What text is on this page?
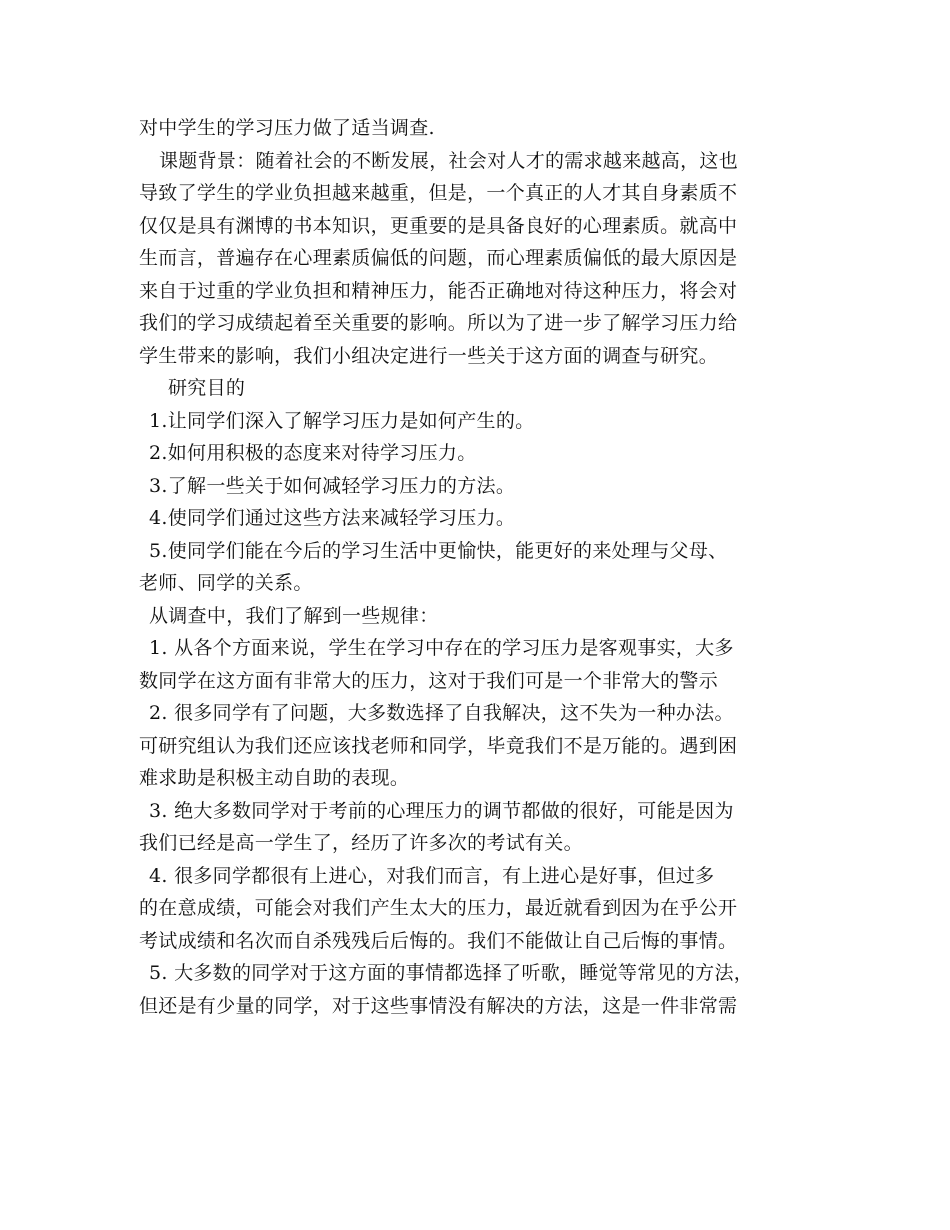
对中学生的学习压力做了适当调查.
课题背景：随着社会的不断发展，社会对人才的需求越来越高，这也
导致了学生的学业负担越来越重，但是，一个真正的人才其自身素质不
仅仅是具有渊博的书本知识，更重要的是具备良好的心理素质。就高中
生而言，普遍存在心理素质偏低的问题，而心理素质偏低的最大原因是
来自于过重的学业负担和精神压力，能否正确地对待这种压力，将会对
我们的学习成绩起着至关重要的影响。所以为了进一步了解学习压力给
学生带来的影响，我们小组决定进行一些关于这方面的调查与研究。
研究目的
1.让同学们深入了解学习压力是如何产生的。
2.如何用积极的态度来对待学习压力。
3.了解一些关于如何减轻学习压力的方法。
4.使同学们通过这些方法来减轻学习压力。
5.使同学们能在今后的学习生活中更愉快，能更好的来处理与父母、
老师、同学的关系。
从调查中，我们了解到一些规律：
1. 从各个方面来说，学生在学习中存在的学习压力是客观事实，大多
数同学在这方面有非常大的压力，这对于我们可是一个非常大的警示
2. 很多同学有了问题，大多数选择了自我解决，这不失为一种办法。
可研究组认为我们还应该找老师和同学，毕竟我们不是万能的。遇到困
难求助是积极主动自助的表现。
3. 绝大多数同学对于考前的心理压力的调节都做的很好，可能是因为
我们已经是高一学生了，经历了许多次的考试有关。
4. 很多同学都很有上进心，对我们而言，有上进心是好事，但过多
的在意成绩，可能会对我们产生太大的压力，最近就看到因为在乎公开
考试成绩和名次而自杀残残后后悔的。我们不能做让自己后悔的事情。
5. 大多数的同学对于这方面的事情都选择了听歌，睡觉等常见的方法，
但还是有少量的同学，对于这些事情没有解决的方法，这是一件非常需
